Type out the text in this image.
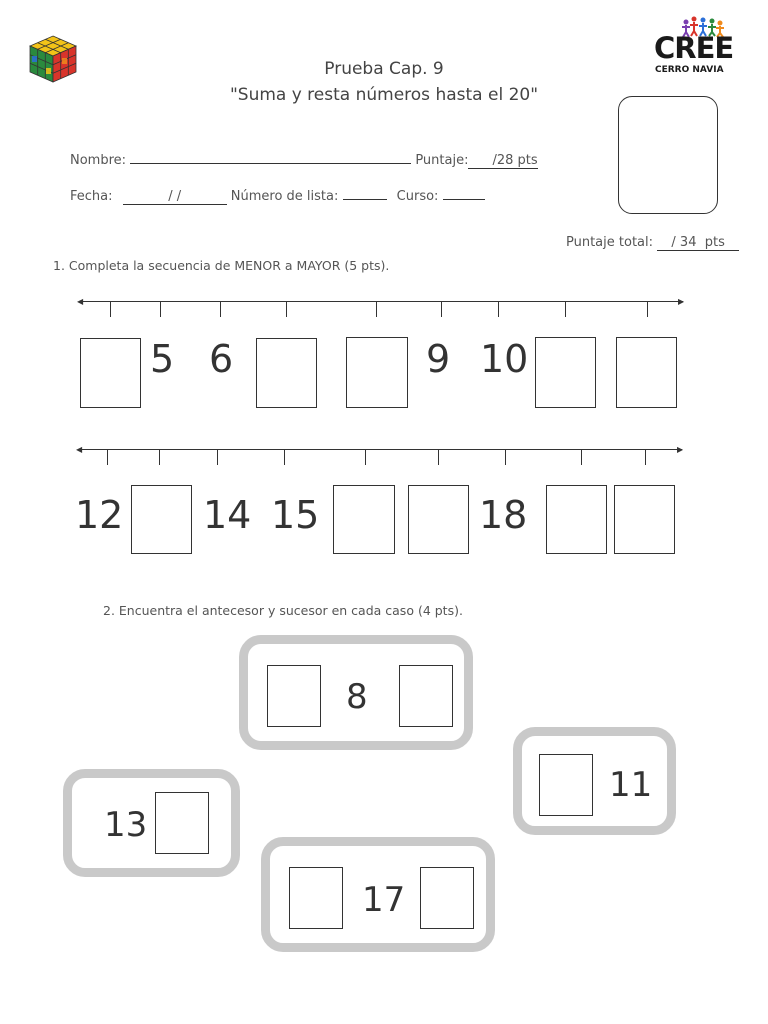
CREE
CERRO NAVIA
Prueba Cap. 9
"Suma y resta números hasta el 20"
Nombre:	Puntaje: /28 pts
Fecha:	/ /	Número de lista:	Curso:
Puntaje total: / 34 pts
1. Completa la secuencia de MENOR a MAYOR (5 pts).
◀	▶
5 6	9 10
◀	▶
12 14 15	18
2. Encuentra el antecesor y sucesor en cada caso (4 pts).
8
11
13
17
